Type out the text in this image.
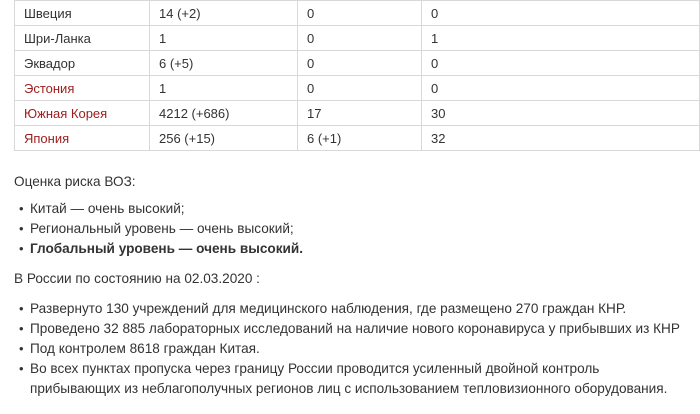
Швеция	14 (+2)	0	0
Шри-Ланка	1	0	1
Эквадор	6 (+5)	0	0
Эстония	1	0	0
Южная Корея	4212 (+686)	17	30
Япония	256 (+15)	6 (+1)	32

Оценка риска ВОЗ:

• Китай — очень высокий;
• Региональный уровень — очень высокий;
• Глобальный уровень — очень высокий.

В России по состоянию на 02.03.2020 :

• Развернуто 130 учреждений для медицинского наблюдения, где размещено 270 граждан КНР.
• Проведено 32 885 лабораторных исследований на наличие нового коронавируса у прибывших из КНР
• Под контролем 8618 граждан Китая.
• Во всех пунктах пропуска через границу России проводится усиленный двойной контроль
прибывающих из неблагополучных регионов лиц с использованием тепловизионного оборудования.
